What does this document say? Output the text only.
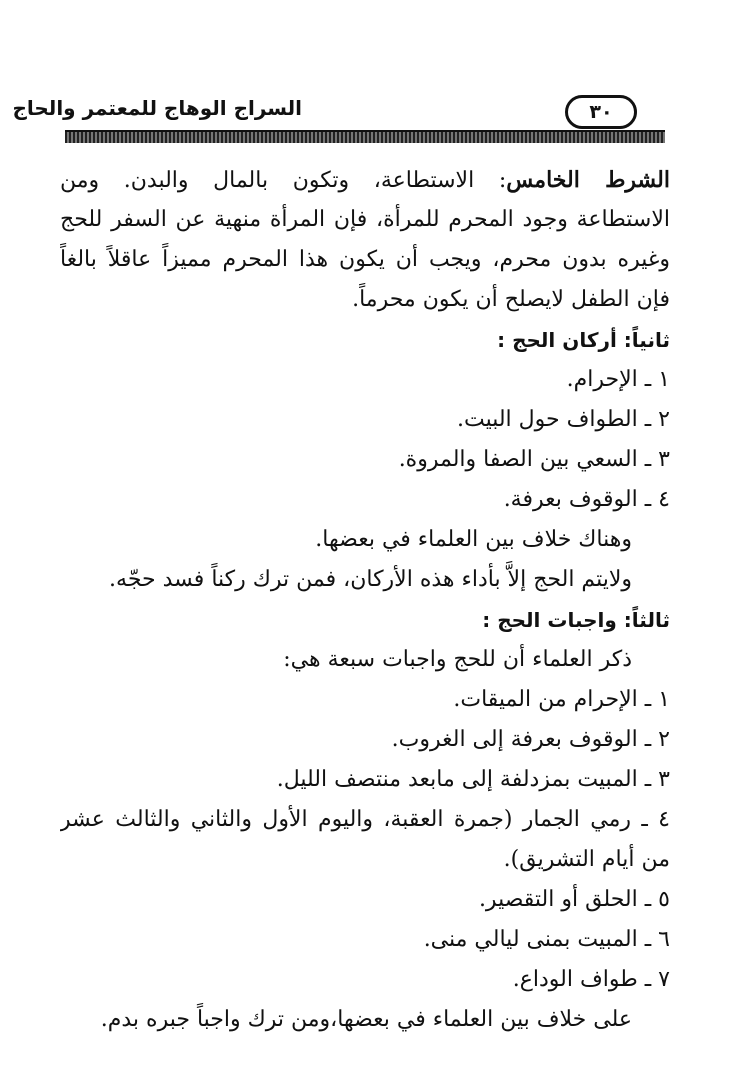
السراج الوهاج للمعتمر والحاج	٣٠
الشرط الخامس: الاستطاعة، وتكون بالمال والبدن. ومن
الاستطاعة وجود المحرم للمرأة، فإن المرأة منهية عن السفر للحج
وغيره بدون محرم، ويجب أن يكون هذا المحرم مميزاً عاقلاً بالغاً
فإن الطفل لايصلح أن يكون محرماً.
ثانياً: أركان الحج :
١ ـ الإحرام.
٢ ـ الطواف حول البيت.
٣ ـ السعي بين الصفا والمروة.
٤ ـ الوقوف بعرفة.
وهناك خلاف بين العلماء في بعضها.
ولايتم الحج إلاَّ بأداء هذه الأركان، فمن ترك ركناً فسد حجّه.
ثالثاً: واجبات الحج :
ذكر العلماء أن للحج واجبات سبعة هي:
١ ـ الإحرام من الميقات.
٢ ـ الوقوف بعرفة إلى الغروب.
٣ ـ المبيت بمزدلفة إلى مابعد منتصف الليل.
٤ ـ رمي الجمار (جمرة العقبة، واليوم الأول والثاني والثالث عشر
من أيام التشريق).
٥ ـ الحلق أو التقصير.
٦ ـ المبيت بمنى ليالي منى.
٧ ـ طواف الوداع.
على خلاف بين العلماء في بعضها،ومن ترك واجباً جبره بدم.
